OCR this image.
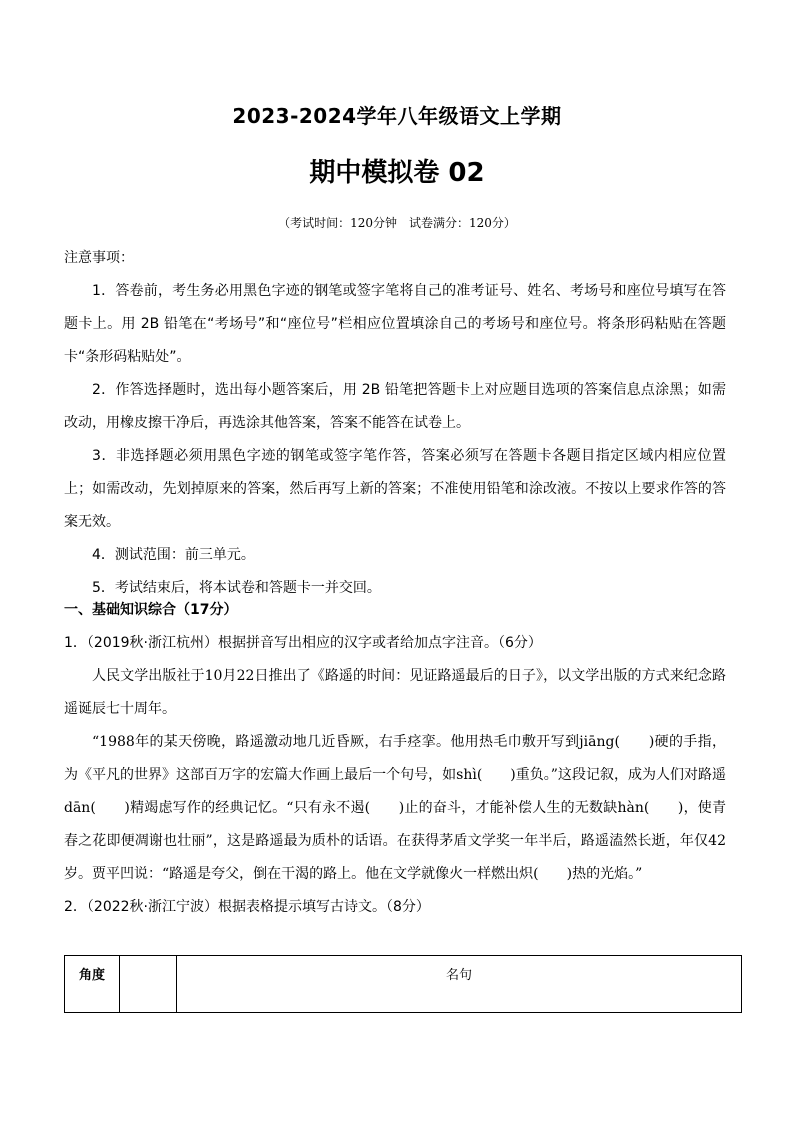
2023-2024学年八年级语文上学期
期中模拟卷 02
（考试时间：120分钟　试卷满分：120分）
注意事项：
1．答卷前，考生务必用黑色字迹的钢笔或签字笔将自己的准考证号、姓名、考场号和座位号填写在答题卡上。用 2B 铅笔在“考场号”和“座位号”栏相应位置填涂自己的考场号和座位号。将条形码粘贴在答题卡“条形码粘贴处”。
2．作答选择题时，选出每小题答案后，用 2B 铅笔把答题卡上对应题目选项的答案信息点涂黑；如需改动，用橡皮擦干净后，再选涂其他答案，答案不能答在试卷上。
3．非选择题必须用黑色字迹的钢笔或签字笔作答，答案必须写在答题卡各题目指定区域内相应位置上；如需改动，先划掉原来的答案，然后再写上新的答案；不准使用铅笔和涂改液。不按以上要求作答的答案无效。
4．测试范围：前三单元。
5．考试结束后，将本试卷和答题卡一并交回。
一、基础知识综合（17分）
1．（2019秋·浙江杭州）根据拼音写出相应的汉字或者给加点字注音。（6分）
人民文学出版社于10月22日推出了《路遥的时间：见证路遥最后的日子》，以文学出版的方式来纪念路遥诞辰七十周年。
“1988年的某天傍晚，路遥激动地几近昏厥，右手痉挛。他用热毛巾敷开写到jiāng(　　)硬的手指，为《平凡的世界》这部百万字的宏篇大作画上最后一个句号，如shì(　　)重负。”这段记叙，成为人们对路遥dān(　　)精竭虑写作的经典记忆。“只有永不遏(　　)止的奋斗，才能补偿人生的无数缺hàn(　　)，使青春之花即便凋谢也壮丽”，这是路遥最为质朴的话语。在获得茅盾文学奖一年半后，路遥溘然长逝，年仅42岁。贾平凹说：“路遥是夸父，倒在干渴的路上。他在文学就像火一样燃出炽(　　)热的光焰。”
2．（2022秋·浙江宁波）根据表格提示填写古诗文。（8分）
角度		名句
